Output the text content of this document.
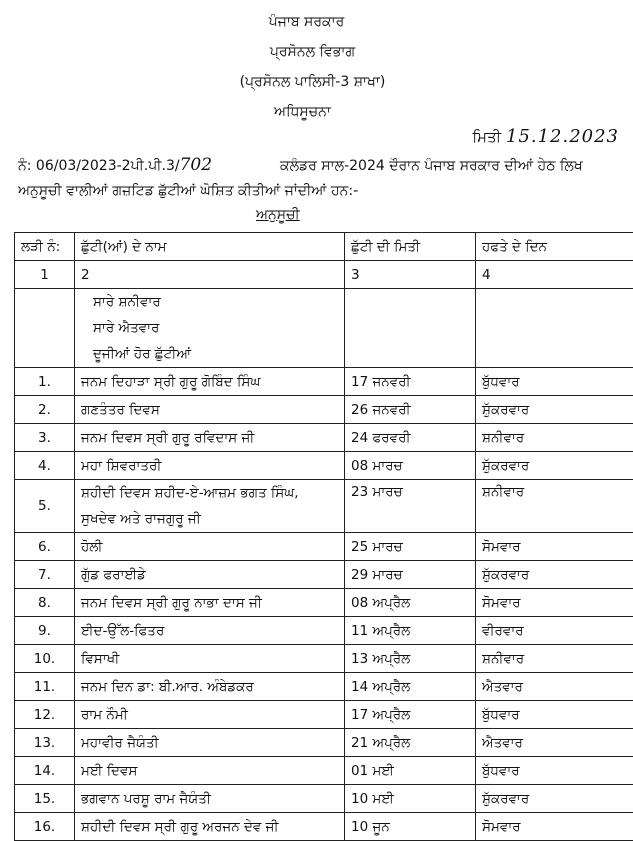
ਪੰਜਾਬ ਸਰਕਾਰ
ਪ੍ਰਸੋਨਲ ਵਿਭਾਗ
(ਪ੍ਰਸੋਨਲ ਪਾਲਿਸੀ-3 ਸ਼ਾਖਾ)
ਅਧਿਸੂਚਨਾ
ਮਿਤੀ 15.12.2023
ਨੰ: 06/03/2023-2ਪੀ.ਪੀ.3/702	ਕਲੰਡਰ ਸਾਲ-2024 ਦੌਰਾਨ ਪੰਜਾਬ ਸਰਕਾਰ ਦੀਆਂ ਹੇਠ ਲਿਖ
ਅਨੁਸੂਚੀ ਵਾਲੀਆਂ ਗਜ਼ਟਿਡ ਛੁੱਟੀਆਂ ਘੋਸ਼ਿਤ ਕੀਤੀਆਂ ਜਾਂਦੀਆਂ ਹਨ:-
ਅਨੁਸੂਚੀ
ਲੜੀ ਨੰ:	ਛੁੱਟੀ(ਆਂ) ਦੇ ਨਾਮ	ਛੁੱਟੀ ਦੀ ਮਿਤੀ	ਹਫਤੇ ਦੇ ਦਿਨ
1	2	3	4

	ਸਾਰੇ ਸ਼ਨੀਵਾਰ
ਸਾਰੇ ਐਤਵਾਰ
ਦੂਜੀਆਂ ਹੋਰ ਛੁੱਟੀਆਂ		

1.	ਜਨਮ ਦਿਹਾੜਾ ਸ੍ਰੀ ਗੁਰੂ ਗੋਬਿੰਦ ਸਿੰਘ	17 ਜਨਵਰੀ	ਬੁੱਧਵਾਰ
2.	ਗਣਤੰਤਰ ਦਿਵਸ	26 ਜਨਵਰੀ	ਸ਼ੁੱਕਰਵਾਰ
3.	ਜਨਮ ਦਿਵਸ ਸ੍ਰੀ ਗੁਰੂ ਰਵਿਦਾਸ ਜੀ	24 ਫਰਵਰੀ	ਸ਼ਨੀਵਾਰ
4.	ਮਹਾ ਸ਼ਿਵਰਾਤਰੀ	08 ਮਾਰਚ	ਸ਼ੁੱਕਰਵਾਰ
5.	ਸ਼ਹੀਦੀ ਦਿਵਸ ਸ਼ਹੀਦ-ਏ-ਆਜ਼ਮ ਭਗਤ ਸਿੰਘ,
ਸੁਖਦੇਵ ਅਤੇ ਰਾਜਗੁਰੂ ਜੀ	23 ਮਾਰਚ	ਸ਼ਨੀਵਾਰ
6.	ਹੋਲੀ	25 ਮਾਰਚ	ਸੋਮਵਾਰ
7.	ਗੁੱਡ ਫਰਾਈਡੇ	29 ਮਾਰਚ	ਸ਼ੁੱਕਰਵਾਰ
8.	ਜਨਮ ਦਿਵਸ ਸ੍ਰੀ ਗੁਰੂ ਨਾਭਾ ਦਾਸ ਜੀ	08 ਅਪ੍ਰੈਲ	ਸੋਮਵਾਰ
9.	ਈਦ-ਉੱਲ-ਫਿਤਰ	11 ਅਪ੍ਰੈਲ	ਵੀਰਵਾਰ
10.	ਵਿਸਾਖੀ	13 ਅਪ੍ਰੈਲ	ਸ਼ਨੀਵਾਰ
11.	ਜਨਮ ਦਿਨ ਡਾ: ਬੀ.ਆਰ. ਅੰਬੇਡਕਰ	14 ਅਪ੍ਰੈਲ	ਐਤਵਾਰ
12.	ਰਾਮ ਨੌਮੀ	17 ਅਪ੍ਰੈਲ	ਬੁੱਧਵਾਰ
13.	ਮਹਾਵੀਰ ਜੈਯੰਤੀ	21 ਅਪ੍ਰੈਲ	ਐਤਵਾਰ
14.	ਮਈ ਦਿਵਸ	01 ਮਈ	ਬੁੱਧਵਾਰ
15.	ਭਗਵਾਨ ਪਰਸ਼ੂ ਰਾਮ ਜੈਯੰਤੀ	10 ਮਈ	ਸ਼ੁੱਕਰਵਾਰ
16.	ਸ਼ਹੀਦੀ ਦਿਵਸ ਸ੍ਰੀ ਗੁਰੂ ਅਰਜਨ ਦੇਵ ਜੀ	10 ਜੂਨ	ਸੋਮਵਾਰ
